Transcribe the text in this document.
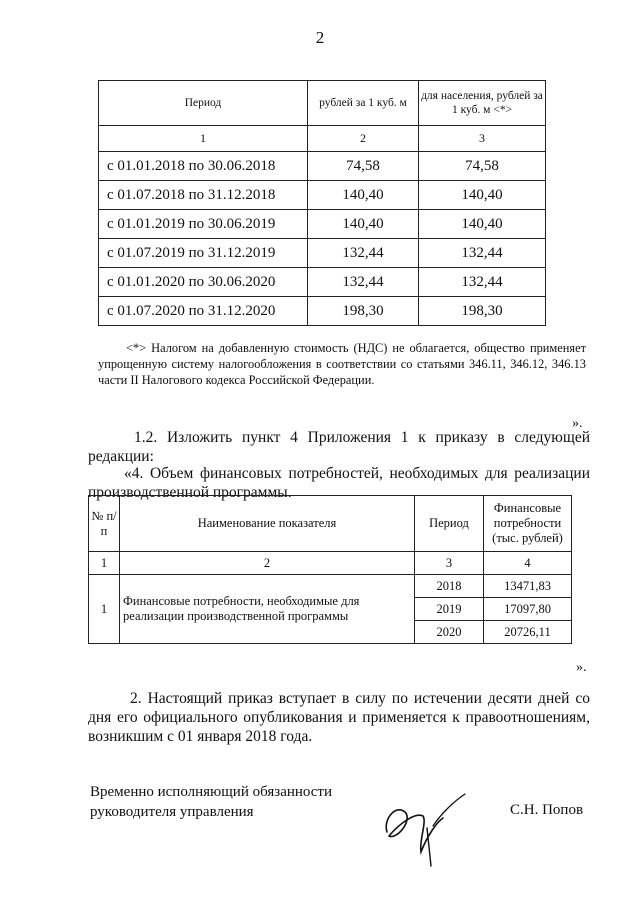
2
Период	рублей за 1 куб. м	для населения, рублей за 1 куб. м <*>
1	2	3
с 01.01.2018 по 30.06.2018	74,58	74,58
с 01.07.2018 по 31.12.2018	140,40	140,40
с 01.01.2019 по 30.06.2019	140,40	140,40
с 01.07.2019 по 31.12.2019	132,44	132,44
с 01.01.2020 по 30.06.2020	132,44	132,44
с 01.07.2020 по 31.12.2020	198,30	198,30
<*> Налогом на добавленную стоимость (НДС) не облагается, общество применяет упрощенную систему налогообложения в соответствии со статьями 346.11, 346.12, 346.13 части II Налогового кодекса Российской Федерации.
».
1.2. Изложить пункт 4 Приложения 1 к приказу в следующей редакции:
«4. Объем финансовых потребностей, необходимых для реализации производственной программы.
№ п/п	Наименование показателя	Период	Финансовые потребности (тыс. рублей)
1	2	3	4
1	Финансовые потребности, необходимые для реализации производственной программы	2018	13471,83
		2019	17097,80
		2020	20726,11
».
2. Настоящий приказ вступает в силу по истечении десяти дней со дня его официального опубликования и применяется к правоотношениям, возникшим с 01 января 2018 года.
Временно исполняющий обязанности
руководителя управления	С.Н. Попов
